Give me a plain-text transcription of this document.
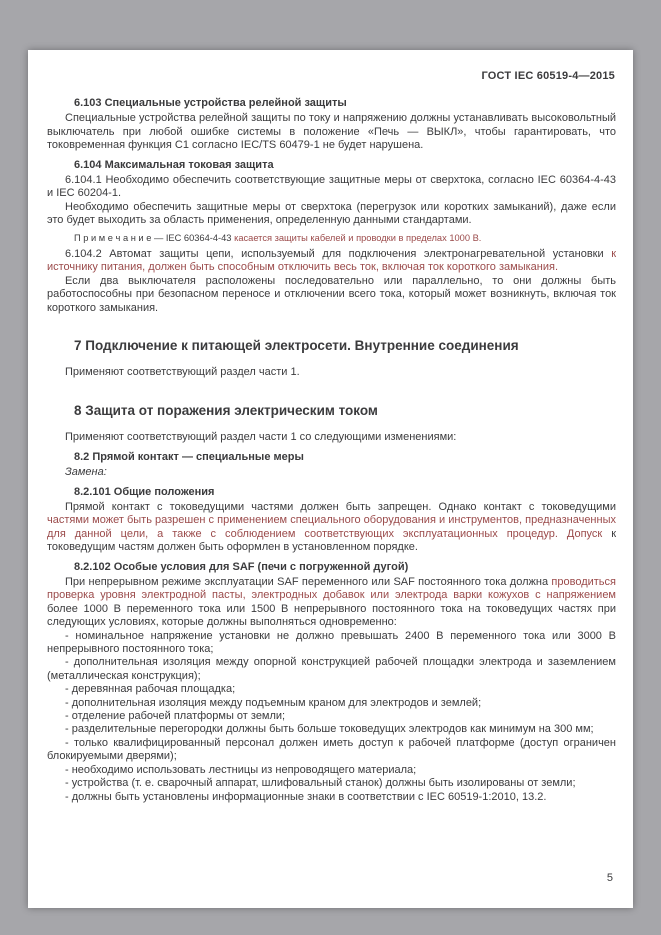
ГОСТ IEC 60519-4—2015

6.103 Специальные устройства релейной защиты

Специальные устройства релейной защиты по току и напряжению должны устанавливать высоковольтный выключатель при любой ошибке системы в положение «Печь — ВЫКЛ», чтобы гарантировать, что токовременная функция C1 согласно IEC/TS 60479-1 не будет нарушена.

6.104 Максимальная токовая защита

6.104.1 Необходимо обеспечить соответствующие защитные меры от сверхтока, согласно IEC 60364-4-43 и IEC 60204-1.

Необходимо обеспечить защитные меры от сверхтока (перегрузок или коротких замыканий), даже если это будет выходить за область применения, определенную данными стандартами.

П р и м е ч а н и е — IEC 60364-4-43 касается защиты кабелей и проводки в пределах 1000 В.

6.104.2 Автомат защиты цепи, используемый для подключения электронагревательной установки к источнику питания, должен быть способным отключить весь ток, включая ток короткого замыкания.

Если два выключателя расположены последовательно или параллельно, то они должны быть работоспособны при безопасном переносе и отключении всего тока, который может возникнуть, включая ток короткого замыкания.

7 Подключение к питающей электросети. Внутренние соединения

Применяют соответствующий раздел части 1.

8 Защита от поражения электрическим током

Применяют соответствующий раздел части 1 со следующими изменениями:

8.2 Прямой контакт — специальные меры

Замена:

8.2.101 Общие положения

Прямой контакт с токоведущими частями должен быть запрещен. Однако контакт с токоведущими частями может быть разрешен с применением специального оборудования и инструментов, предназначенных для данной цели, а также с соблюдением соответствующих эксплуатационных процедур. Допуск к токоведущим частям должен быть оформлен в установленном порядке.

8.2.102 Особые условия для SAF (печи с погруженной дугой)

При непрерывном режиме эксплуатации SAF переменного или SAF постоянного тока должна проводиться проверка уровня электродной пасты, электродных добавок или электрода варки кожухов с напряжением более 1000 В переменного тока или 1500 В непрерывного постоянного тока на токоведущих частях при следующих условиях, которые должны выполняться одновременно:

- номинальное напряжение установки не должно превышать 2400 В переменного тока или 3000 В непрерывного постоянного тока;

- дополнительная изоляция между опорной конструкцией рабочей площадки электрода и заземлением (металлическая конструкция);

- деревянная рабочая площадка;

- дополнительная изоляция между подъемным краном для электродов и землей;

- отделение рабочей платформы от земли;

- разделительные перегородки должны быть больше токоведущих электродов как минимум на 300 мм;

- только квалифицированный персонал должен иметь доступ к рабочей платформе (доступ ограничен блокируемыми дверями);

- необходимо использовать лестницы из непроводящего материала;

- устройства (т. е. сварочный аппарат, шлифовальный станок) должны быть изолированы от земли;

- должны быть установлены информационные знаки в соответствии с IEC 60519-1:2010, 13.2.

5
